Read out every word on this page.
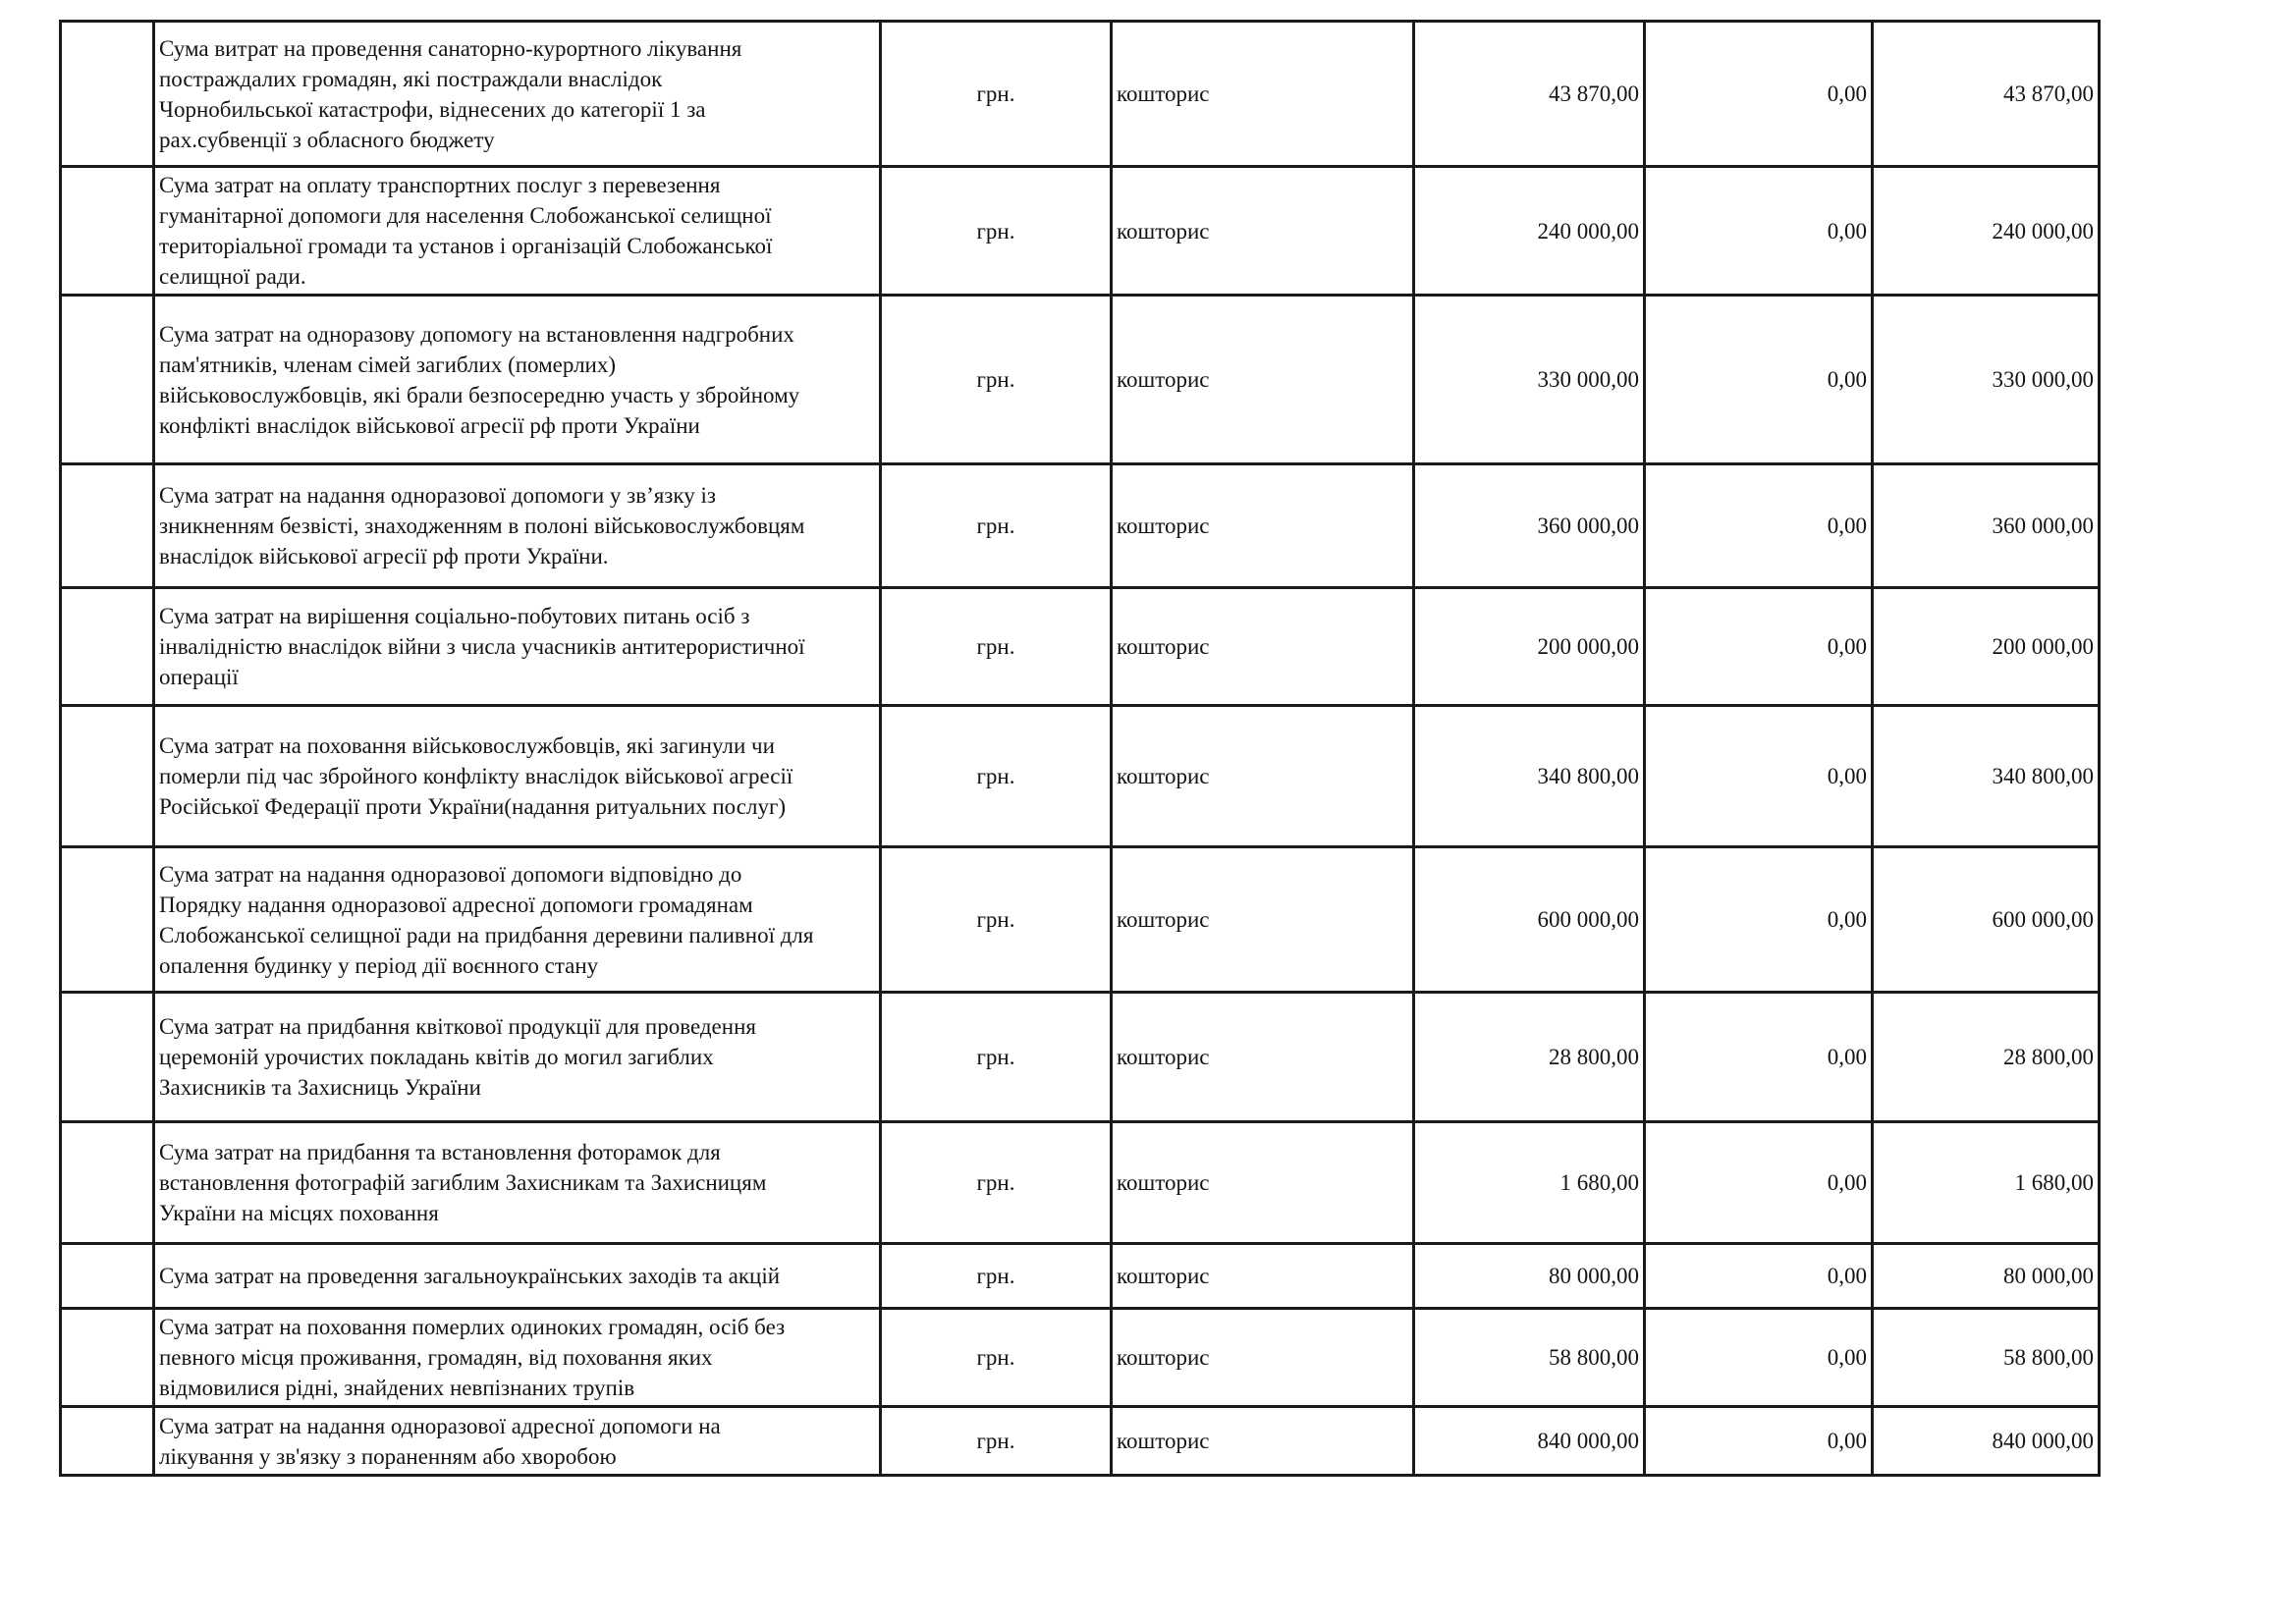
	Сума витрат на проведення санаторно-курортного лікування
постраждалих громадян, які постраждали внаслідок
Чорнобильської катастрофи, віднесених до категорії 1 за
рах.субвенції з обласного бюджету	грн.	кошторис	43 870,00	0,00	43 870,00

	Сума затрат на оплату транспортних послуг з перевезення
гуманітарної допомоги для населення Слобожанської селищної
територіальної громади та установ і організацій Слобожанської
селищної ради.	грн.	кошторис	240 000,00	0,00	240 000,00

	Сума затрат на одноразову допомогу на встановлення надгробних
пам'ятників, членам сімей загиблих (померлих)
військовослужбовців, які брали безпосередню участь у збройному
конфлікті внаслідок військової агресії рф проти України	грн.	кошторис	330 000,00	0,00	330 000,00

	Сума затрат на надання одноразової допомоги у зв’язку із
зникненням безвісті, знаходженням в полоні військовослужбовцям
внаслідок військової агресії рф проти України.	грн.	кошторис	360 000,00	0,00	360 000,00

	Сума затрат на вирішення соціально-побутових питань осіб з
інвалідністю внаслідок війни з числа учасників антитерористичної
операції	грн.	кошторис	200 000,00	0,00	200 000,00

	Сума затрат на поховання військовослужбовців, які загинули чи
померли під час збройного конфлікту внаслідок військової агресії
Російської Федерації проти України(надання ритуальних послуг)	грн.	кошторис	340 800,00	0,00	340 800,00

	Сума затрат на надання одноразової допомоги відповідно до
Порядку надання одноразової адресної допомоги громадянам
Слобожанської селищної ради на придбання деревини паливної для
опалення будинку у період дії воєнного стану	грн.	кошторис	600 000,00	0,00	600 000,00

	Сума затрат на придбання квіткової продукції для проведення
церемоній урочистих покладань квітів до могил загиблих
Захисників та Захисниць України	грн.	кошторис	28 800,00	0,00	28 800,00

	Сума затрат на придбання та встановлення фоторамок для
встановлення фотографій загиблим Захисникам та Захисницям
України на місцях поховання	грн.	кошторис	1 680,00	0,00	1 680,00

	Сума затрат на проведення загальноукраїнських заходів та акцій	грн.	кошторис	80 000,00	0,00	80 000,00

	Сума затрат на поховання померлих одиноких громадян, осіб без
певного місця проживання, громадян, від поховання яких
відмовилися рідні, знайдених невпізнаних трупів	грн.	кошторис	58 800,00	0,00	58 800,00

	Сума затрат на надання одноразової адресної допомоги на
лікування у зв'язку з пораненням або хворобою	грн.	кошторис	840 000,00	0,00	840 000,00
